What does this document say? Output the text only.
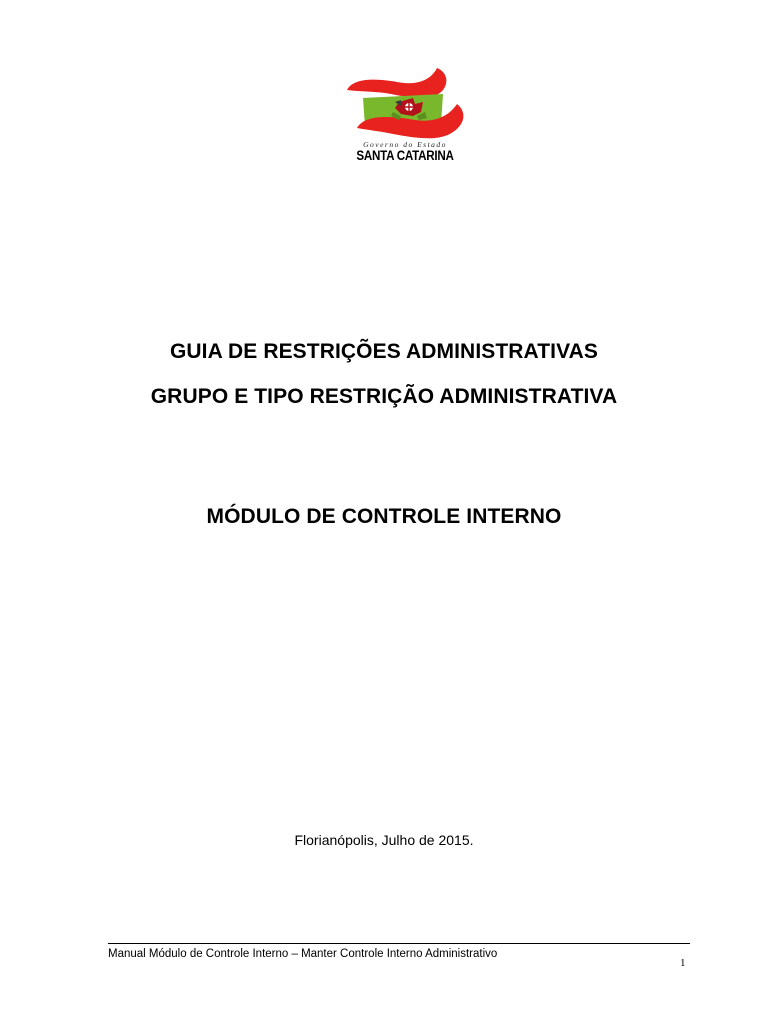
Governo do Estado
SANTA CATARINA
GUIA DE RESTRIÇÕES ADMINISTRATIVAS
GRUPO E TIPO RESTRIÇÃO ADMINISTRATIVA
MÓDULO DE CONTROLE INTERNO
Florianópolis, Julho de 2015.
Manual Módulo de Controle Interno – Manter Controle Interno Administrativo
1
